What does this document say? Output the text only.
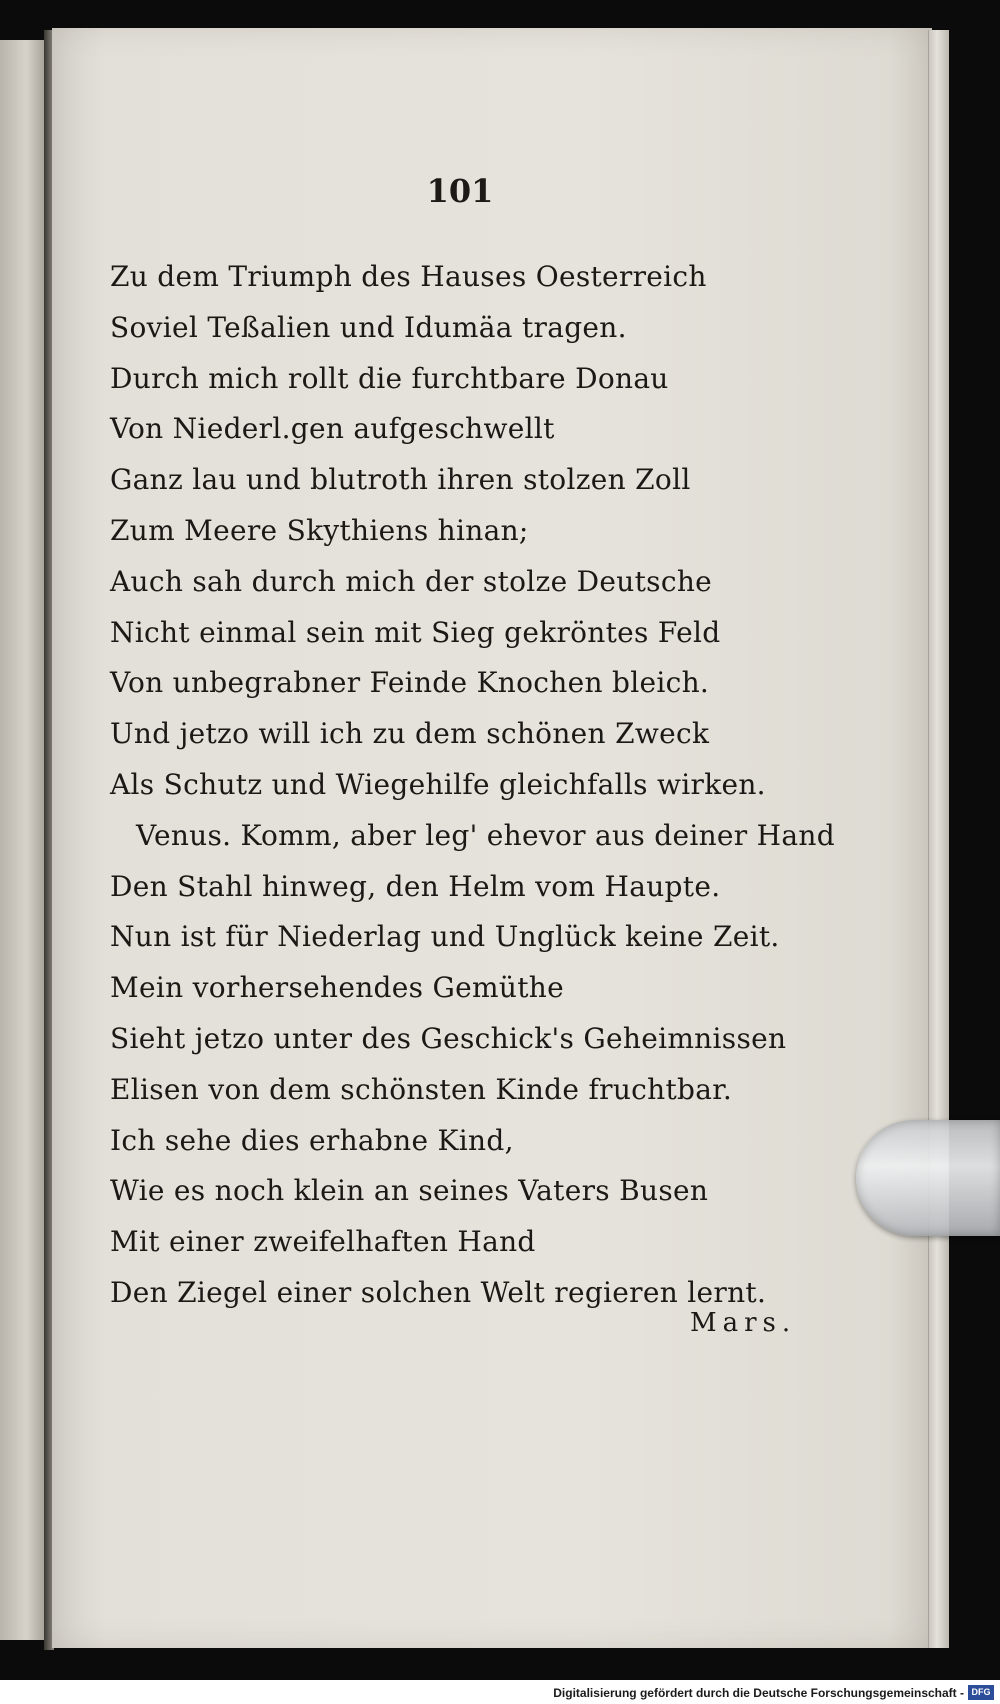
101
Zu dem Triumph des Hauses Oesterreich
Soviel Teßalien und Idumäa tragen.
Durch mich rollt die furchtbare Donau
Von Niederl.gen aufgeschwellt
Ganz lau und blutroth ihren stolzen Zoll
Zum Meere Skythiens hinan;
Auch sah durch mich der stolze Deutsche
Nicht einmal sein mit Sieg gekröntes Feld
Von unbegrabner Feinde Knochen bleich.
Und jetzo will ich zu dem schönen Zweck
Als Schutz und Wiegehilfe gleichfalls wirken.
Venus. Komm, aber leg' ehevor aus deiner Hand
Den Stahl hinweg, den Helm vom Haupte.
Nun ist für Niederlag und Unglück keine Zeit.
Mein vorhersehendes Gemüthe
Sieht jetzo unter des Geschick's Geheimnissen
Elisen von dem schönsten Kinde fruchtbar.
Ich sehe dies erhabne Kind,
Wie es noch klein an seines Vaters Busen
Mit einer zweifelhaften Hand
Den Ziegel einer solchen Welt regieren lernt.
Mars.
Digitalisierung gefördert durch die Deutsche Forschungsgemeinschaft - DFG
